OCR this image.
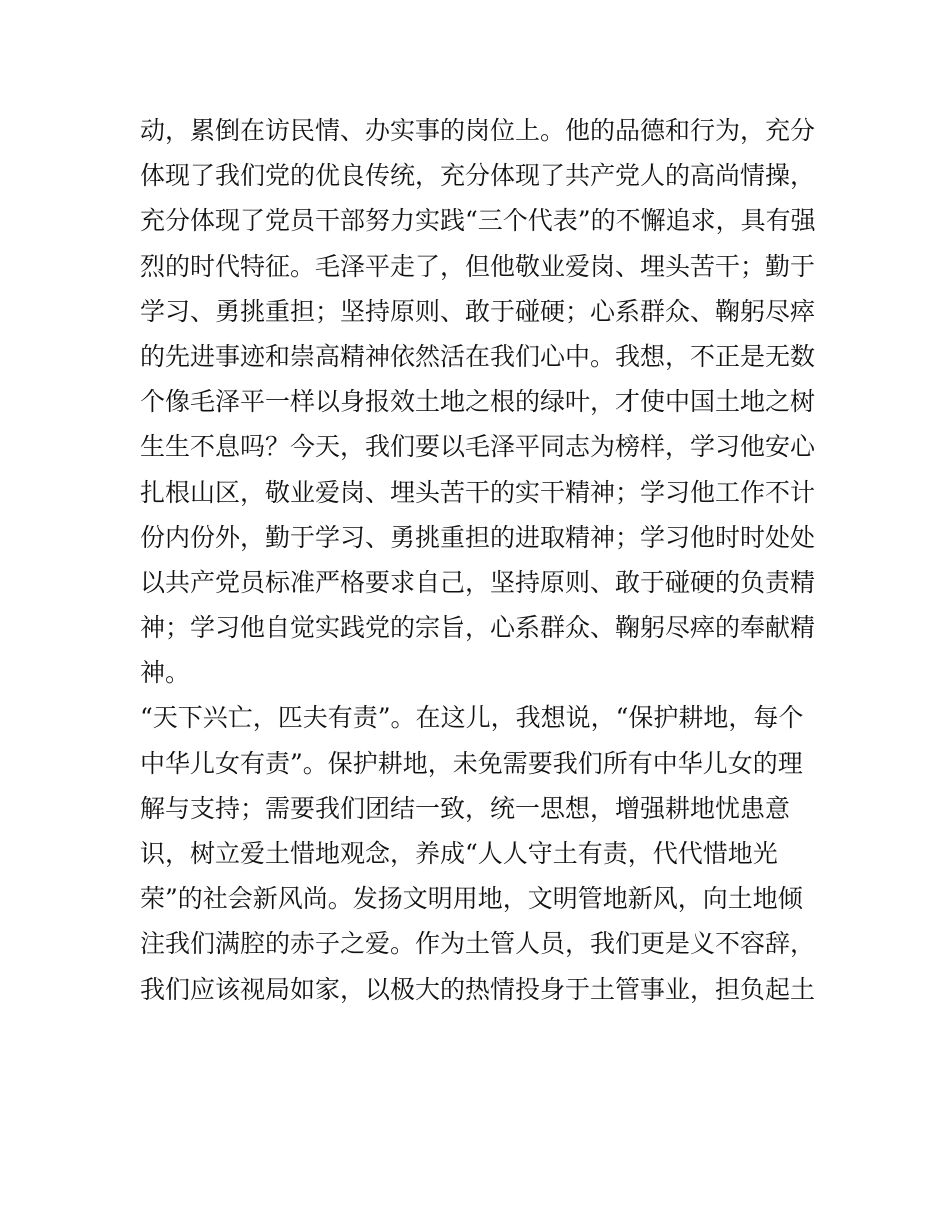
动，累倒在访民情、办实事的岗位上。他的品德和行为，充分
体现了我们党的优良传统，充分体现了共产党人的高尚情操，
充分体现了党员干部努力实践“三个代表”的不懈追求，具有强
烈的时代特征。毛泽平走了，但他敬业爱岗、埋头苦干；勤于
学习、勇挑重担；坚持原则、敢于碰硬；心系群众、鞠躬尽瘁
的先进事迹和崇高精神依然活在我们心中。我想，不正是无数
个像毛泽平一样以身报效土地之根的绿叶，才使中国土地之树
生生不息吗？今天，我们要以毛泽平同志为榜样，学习他安心
扎根山区，敬业爱岗、埋头苦干的实干精神；学习他工作不计
份内份外，勤于学习、勇挑重担的进取精神；学习他时时处处
以共产党员标准严格要求自己，坚持原则、敢于碰硬的负责精
神；学习他自觉实践党的宗旨，心系群众、鞠躬尽瘁的奉献精
神。
“天下兴亡，匹夫有责”。在这儿，我想说，“保护耕地，每个
中华儿女有责”。保护耕地，未免需要我们所有中华儿女的理
解与支持；需要我们团结一致，统一思想，增强耕地忧患意
识，树立爱土惜地观念，养成“人人守土有责，代代惜地光
荣”的社会新风尚。发扬文明用地，文明管地新风，向土地倾
注我们满腔的赤子之爱。作为土管人员，我们更是义不容辞，
我们应该视局如家，以极大的热情投身于土管事业，担负起土
